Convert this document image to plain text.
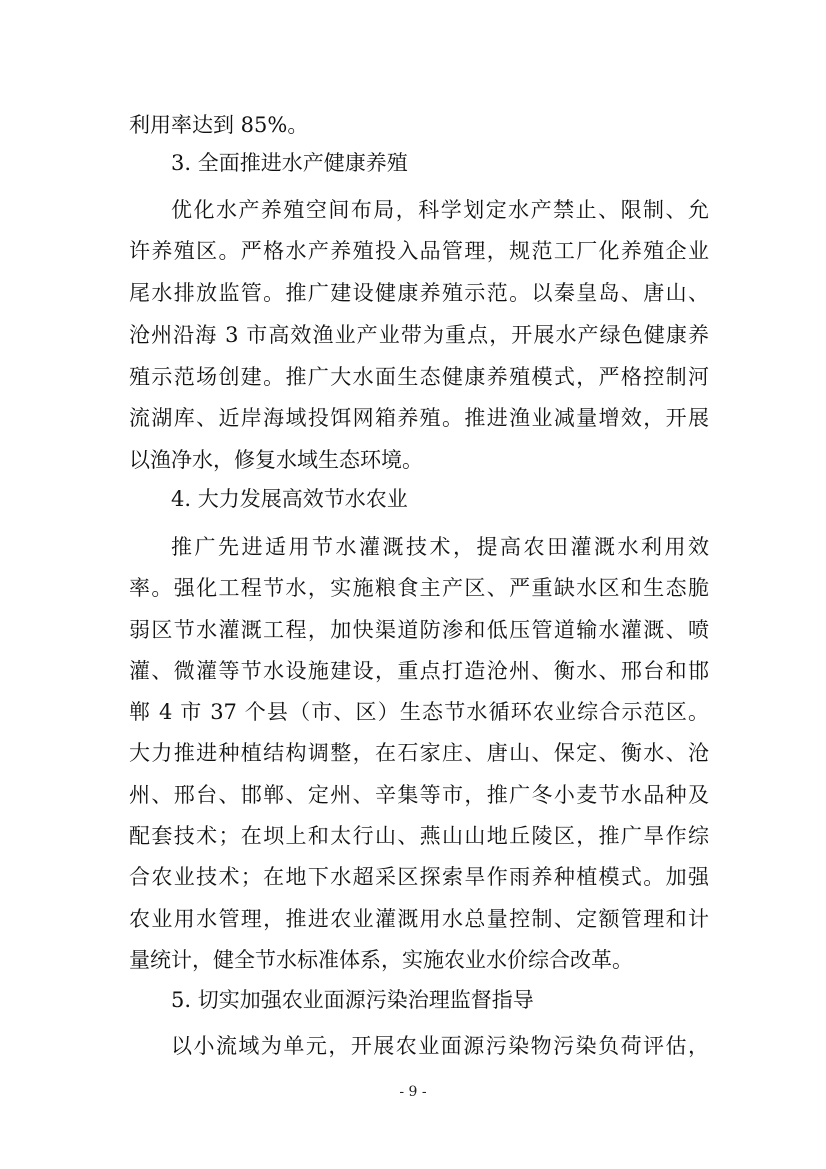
利用率达到 85%。
3. 全面推进水产健康养殖
优化水产养殖空间布局，科学划定水产禁止、限制、允
许养殖区。严格水产养殖投入品管理，规范工厂化养殖企业
尾水排放监管。推广建设健康养殖示范。以秦皇岛、唐山、
沧州沿海 3 市高效渔业产业带为重点，开展水产绿色健康养
殖示范场创建。推广大水面生态健康养殖模式，严格控制河
流湖库、近岸海域投饵网箱养殖。推进渔业减量增效，开展
以渔净水，修复水域生态环境。
4. 大力发展高效节水农业
推广先进适用节水灌溉技术，提高农田灌溉水利用效
率。强化工程节水，实施粮食主产区、严重缺水区和生态脆
弱区节水灌溉工程，加快渠道防渗和低压管道输水灌溉、喷
灌、微灌等节水设施建设，重点打造沧州、衡水、邢台和邯
郸 4 市 37 个县（市、区）生态节水循环农业综合示范区。
大力推进种植结构调整，在石家庄、唐山、保定、衡水、沧
州、邢台、邯郸、定州、辛集等市，推广冬小麦节水品种及
配套技术；在坝上和太行山、燕山山地丘陵区，推广旱作综
合农业技术；在地下水超采区探索旱作雨养种植模式。加强
农业用水管理，推进农业灌溉用水总量控制、定额管理和计
量统计，健全节水标准体系，实施农业水价综合改革。
5. 切实加强农业面源污染治理监督指导
以小流域为单元，开展农业面源污染物污染负荷评估，
- 9 -
